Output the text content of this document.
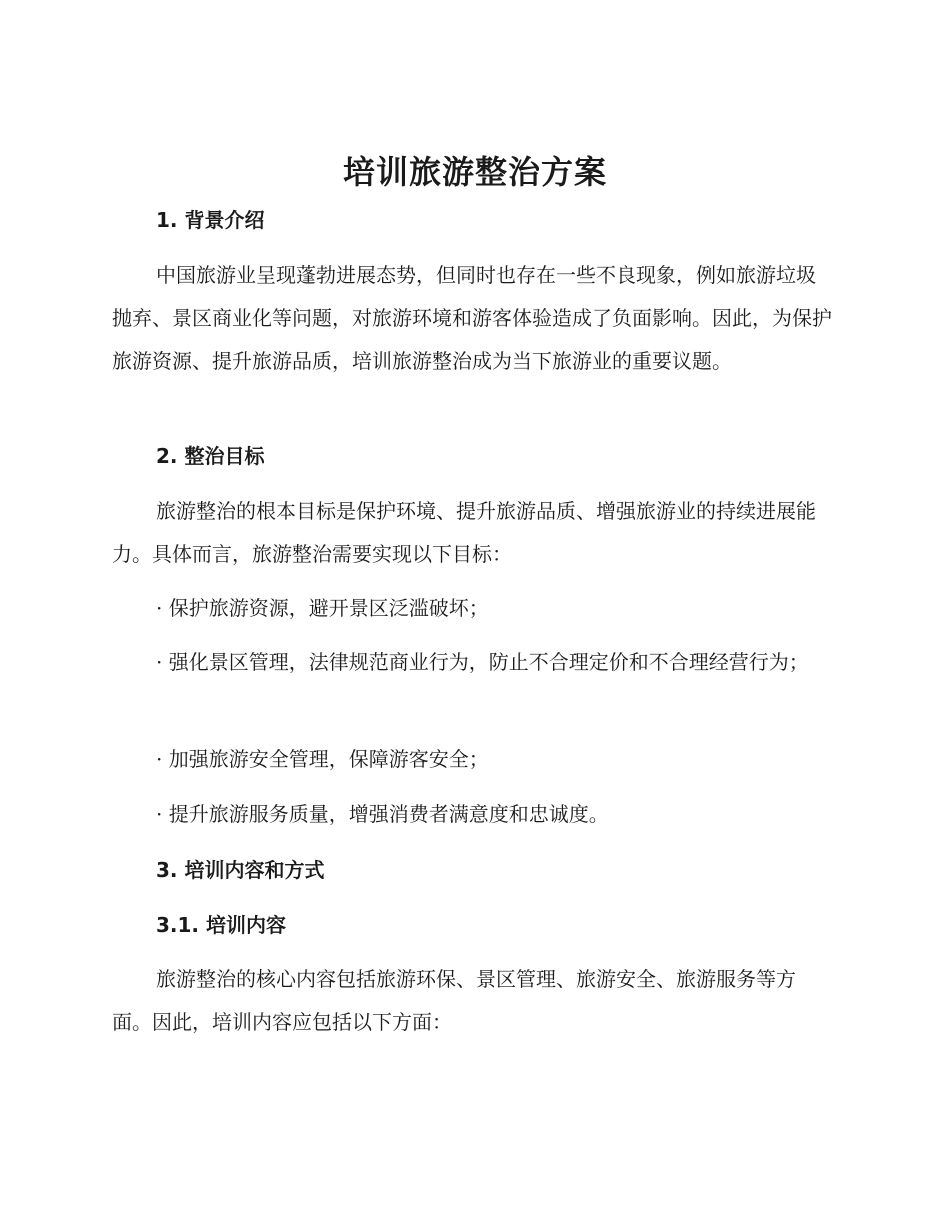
培训旅游整治方案
1. 背景介绍

中国旅游业呈现蓬勃进展态势，但同时也存在一些不良现象，例如旅游垃圾抛弃、景区商业化等问题，对旅游环境和游客体验造成了负面影响。因此，为保护旅游资源、提升旅游品质，培训旅游整治成为当下旅游业的重要议题。

2. 整治目标

旅游整治的根本目标是保护环境、提升旅游品质、增强旅游业的持续进展能力。具体而言，旅游整治需要实现以下目标：

· 保护旅游资源，避开景区泛滥破坏；

· 强化景区管理，法律规范商业行为，防止不合理定价和不合理经营行为；

· 加强旅游安全管理，保障游客安全；

· 提升旅游服务质量，增强消费者满意度和忠诚度。

3. 培训内容和方式
3.1. 培训内容

旅游整治的核心内容包括旅游环保、景区管理、旅游安全、旅游服务等方面。因此，培训内容应包括以下方面：
